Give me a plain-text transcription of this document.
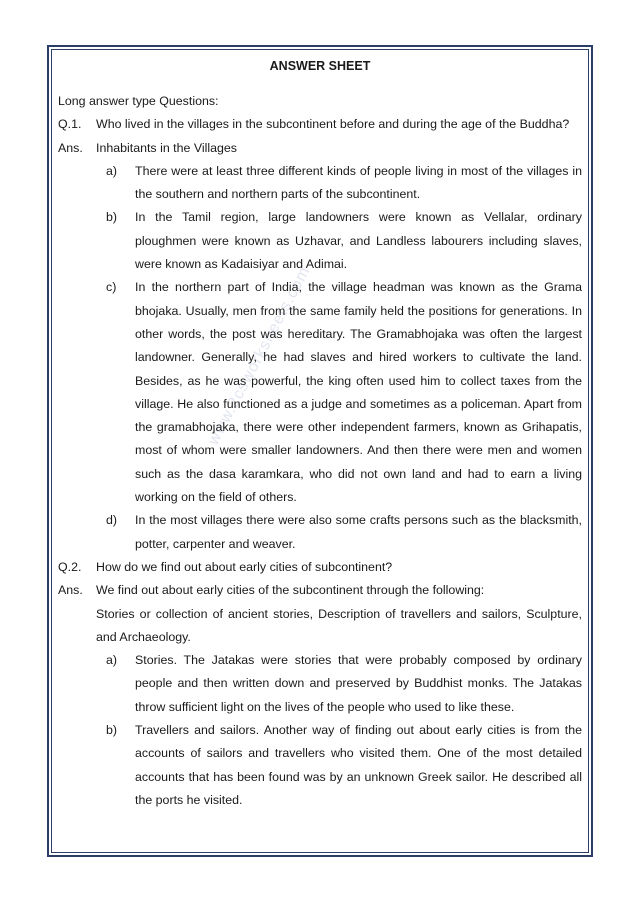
www.2csworksheets.com
ANSWER SHEET
Long answer type Questions:
Q.1.	Who lived in the villages in the subcontinent before and during the age of the Buddha?
Ans.	Inhabitants in the Villages
a)	There were at least three different kinds of people living in most of the villages in the southern and northern parts of the subcontinent.
b)	In the Tamil region, large landowners were known as Vellalar, ordinary ploughmen were known as Uzhavar, and Landless labourers including slaves, were known as Kadaisiyar and Adimai.
c)	In the northern part of India, the village headman was known as the Grama bhojaka. Usually, men from the same family held the positions for generations. In other words, the post was hereditary. The Gramabhojaka was often the largest landowner. Generally, he had slaves and hired workers to cultivate the land. Besides, as he was powerful, the king often used him to collect taxes from the village. He also functioned as a judge and sometimes as a policeman. Apart from the gramabhojaka, there were other independent farmers, known as Grihapatis, most of whom were smaller landowners. And then there were men and women such as the dasa karamkara, who did not own land and had to earn a living working on the field of others.
d)	In the most villages there were also some crafts persons such as the blacksmith, potter, carpenter and weaver.
Q.2.	How do we find out about early cities of subcontinent?
Ans.	We find out about early cities of the subcontinent through the following:
Stories or collection of ancient stories, Description of travellers and sailors, Sculpture, and Archaeology.
a)	Stories. The Jatakas were stories that were probably composed by ordinary people and then written down and preserved by Buddhist monks. The Jatakas throw sufficient light on the lives of the people who used to like these.
b)	Travellers and sailors. Another way of finding out about early cities is from the accounts of sailors and travellers who visited them. One of the most detailed accounts that has been found was by an unknown Greek sailor. He described all the ports he visited.
